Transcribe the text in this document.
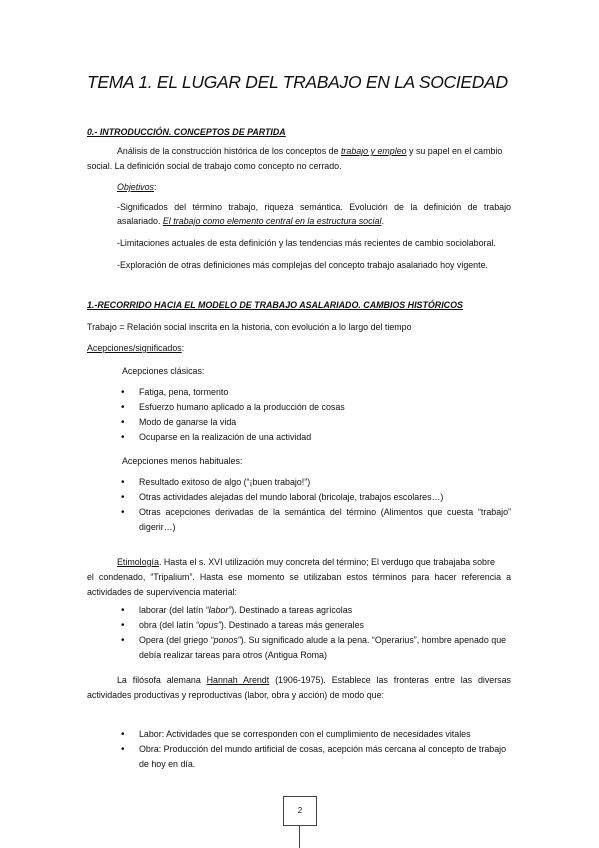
TEMA 1. EL LUGAR DEL TRABAJO EN LA SOCIEDAD
0.- INTRODUCCIÓN. CONCEPTOS DE PARTIDA
Análisis de la construcción histórica de los conceptos de trabajo y empleo y su papel en el cambio
social. La definición social de trabajo como concepto no cerrado.
Objetivos:
-Significados del término trabajo, riqueza semántica. Evolución de la definición de trabajo
asalariado. El trabajo como elemento central en la estructura social.
-Limitaciones actuales de esta definición y las tendencias más recientes de cambio sociolaboral.
-Exploración de otras definiciones más complejas del concepto trabajo asalariado hoy vigente.
1.-RECORRIDO HACIA EL MODELO DE TRABAJO ASALARIADO. CAMBIOS HISTÓRICOS
Trabajo = Relación social inscrita en la historia, con evolución a lo largo del tiempo
Acepciones/significados:
Acepciones clásicas:
• Fatiga, pena, tormento
• Esfuerzo humano aplicado a la producción de cosas
• Modo de ganarse la vida
• Ocuparse en la realización de una actividad
Acepciones menos habituales:
• Resultado exitoso de algo (“¡buen trabajo!”)
• Otras actividades alejadas del mundo laboral (bricolaje, trabajos escolares…)
• Otras acepciones derivadas de la semántica del término (Alimentos que cuesta “trabajo”
digerir…)
Etimología. Hasta el s. XVI utilización muy concreta del término; El verdugo que trabajaba sobre
el condenado, “Tripalium”. Hasta ese momento se utilizaban estos términos para hacer referencia a
actividades de supervivencia material:
• laborar (del latín “labor”). Destinado a tareas agrícolas
• obra (del latín “opus”). Destinado a tareas más generales
• Opera (del griego “ponos”). Su significado alude a la pena. “Operarius”, hombre apenado que
debía realizar tareas para otros (Antigua Roma)
La filósofa alemana Hannah Arendt (1906-1975). Establece las fronteras entre las diversas
actividades productivas y reproductivas (labor, obra y acción) de modo que:
• Labor: Actividades que se corresponden con el cumplimiento de necesidades vitales
• Obra: Producción del mundo artificial de cosas, acepción más cercana al concepto de trabajo
de hoy en día.
2
